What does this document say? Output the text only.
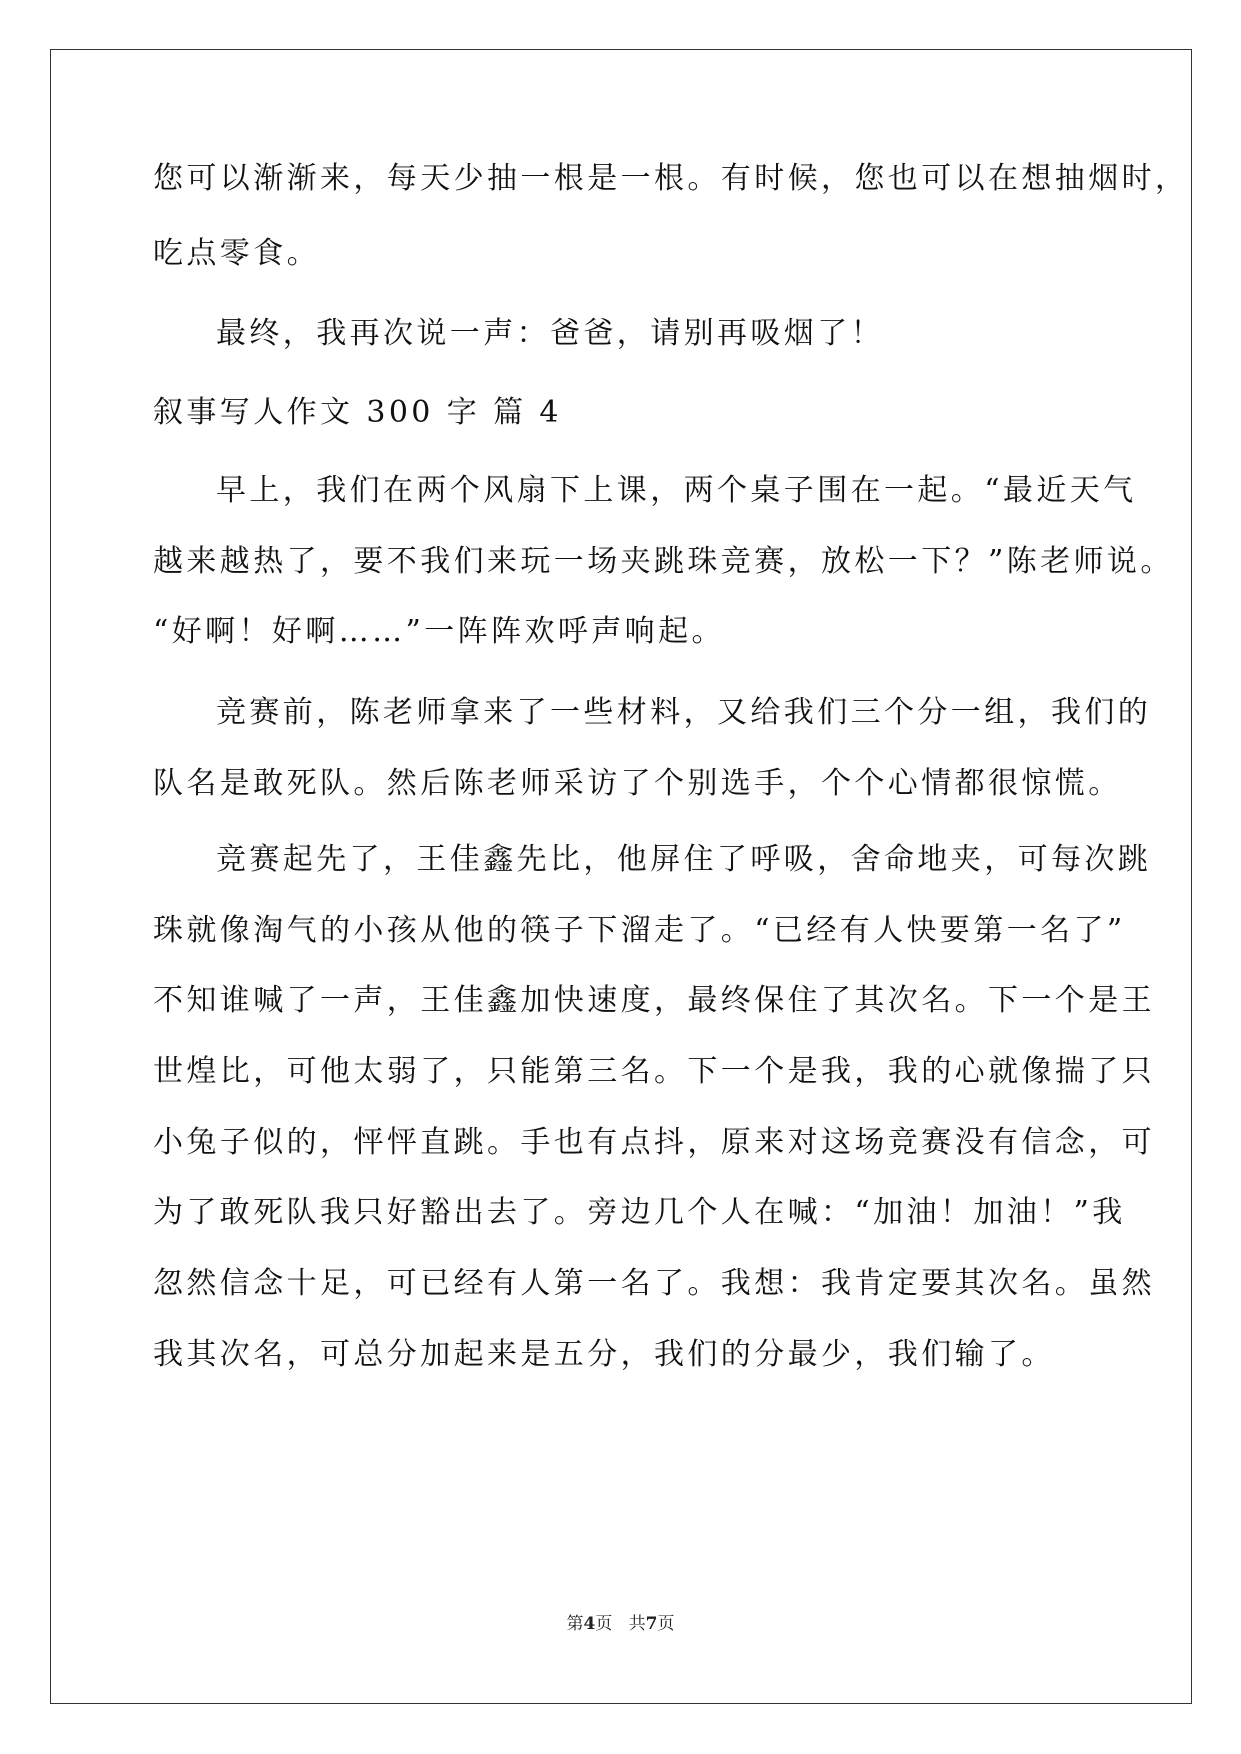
您可以渐渐来，每天少抽一根是一根。有时候，您也可以在想抽烟时，
吃点零食。
最终，我再次说一声：爸爸，请别再吸烟了！
叙事写人作文 300 字 篇 4
早上，我们在两个风扇下上课，两个桌子围在一起。“最近天气
越来越热了，要不我们来玩一场夹跳珠竞赛，放松一下？”陈老师说。
“好啊！好啊……”一阵阵欢呼声响起。
竞赛前，陈老师拿来了一些材料，又给我们三个分一组，我们的
队名是敢死队。然后陈老师采访了个别选手，个个心情都很惊慌。
竞赛起先了，王佳鑫先比，他屏住了呼吸，舍命地夹，可每次跳
珠就像淘气的小孩从他的筷子下溜走了。“已经有人快要第一名了”
不知谁喊了一声，王佳鑫加快速度，最终保住了其次名。下一个是王
世煌比，可他太弱了，只能第三名。下一个是我，我的心就像揣了只
小兔子似的，怦怦直跳。手也有点抖，原来对这场竞赛没有信念，可
为了敢死队我只好豁出去了。旁边几个人在喊：“加油！加油！”我
忽然信念十足，可已经有人第一名了。我想：我肯定要其次名。虽然
我其次名，可总分加起来是五分，我们的分最少，我们输了。
第4页   共7页
